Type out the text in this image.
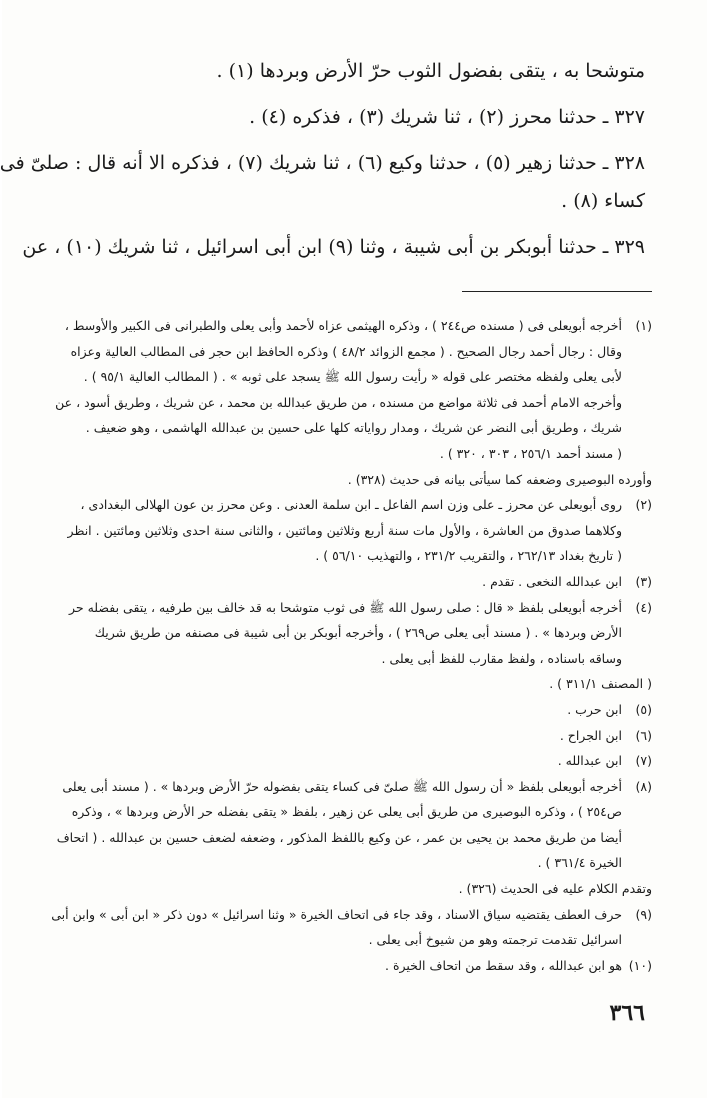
متوشحا به ، يتقى بفضول الثوب حرّ الأرض وبردها (١) .
٣٢٧ ـ حدثنا محرز (٢) ، ثنا شريك (٣) ، فذكره (٤) .
٣٢٨ ـ حدثنا زهير (٥) ، حدثنا وكيع (٦) ، ثنا شريك (٧) ، فذكره الا أنه قال : صلىّ فى
كساء (٨) .
٣٢٩ ـ حدثنا أبوبكر بن أبى شيبة ، وثنا (٩) ابن أبى اسرائيل ، ثنا شريك (١٠) ، عن
(١)
أخرجه أبويعلى فى ( مسنده ص٢٤٤ ) ، وذكره الهيثمى عزاه لأحمد وأبى يعلى والطبرانى فى الكبير والأوسط ،
وقال : رجال أحمد رجال الصحيح . ( مجمع الزوائد ٤٨/٢ ) وذكره الحافظ ابن حجر فى المطالب العالية وعزاه
لأبى يعلى ولفظه مختصر على قوله « رأيت رسول الله ﷺ يسجد على ثوبه » . ( المطالب العالية ٩٥/١ ) .
وأخرجه الامام أحمد فى ثلاثة مواضع من مسنده ، من طريق عبدالله بن محمد ، عن شريك ، وطريق أسود ، عن
شريك ، وطريق أبى النضر عن شريك ، ومدار رواياته كلها على حسين بن عبدالله الهاشمى ، وهو ضعيف .
( مسند أحمد ٢٥٦/١ ، ٣٠٣ ، ٣٢٠ ) .
وأورده البوصيرى وضعفه كما سيأتى بيانه فى حديث (٣٢٨) .
(٢)
روى أبويعلى عن محرز ـ على وزن اسم الفاعل ـ ابن سلمة العدنى . وعن محرز بن عون الهلالى البغدادى ،
وكلاهما صدوق من العاشرة ، والأول مات سنة أربع وثلاثين ومائتين ، والثانى سنة احدى وثلاثين ومائتين . انظر
( تاريخ بغداد ٢٦٢/١٣ ، والتقريب ٢٣١/٢ ، والتهذيب ٥٦/١٠ ) .
(٣)
ابن عبدالله النخعى . تقدم .
(٤)
أخرجه أبويعلى بلفظ « قال : صلى رسول الله ﷺ فى ثوب متوشحا به قد خالف بين طرفيه ، يتقى بفضله حر
الأرض وبردها » . ( مسند أبى يعلى ص٢٦٩ ) ، وأخرجه أبوبكر بن أبى شيبة فى مصنفه من طريق شريك
وساقه باسناده ، ولفظ مقارب للفظ أبى يعلى .
( المصنف ٣١١/١ ) .
(٥)
ابن حرب .
(٦)
ابن الجراح .
(٧)
ابن عبدالله .
(٨)
أخرجه أبويعلى بلفظ « أن رسول الله ﷺ صلىّ فى كساء يتقى بفضوله حرّ الأرض وبردها » . ( مسند أبى يعلى
ص٢٥٤ ) ، وذكره البوصيرى من طريق أبى يعلى عن زهير ، بلفظ « يتقى بفضله حر الأرض وبردها » ، وذكره
أيضا من طريق محمد بن يحيى بن عمر ، عن وكيع باللفظ المذكور ، وضعفه لضعف حسين بن عبدالله . ( اتحاف
الخيرة ٣٦١/٤ ) .
وتقدم الكلام عليه فى الحديث (٣٢٦) .
(٩)
حرف العطف يقتضيه سياق الاسناد ، وقد جاء فى اتحاف الخيرة « وثنا اسرائيل » دون ذكر « ابن أبى » وابن أبى
اسرائيل تقدمت ترجمته وهو من شيوخ أبى يعلى .
(١٠)
هو ابن عبدالله ، وقد سقط من اتحاف الخيرة .
٣٦٦
